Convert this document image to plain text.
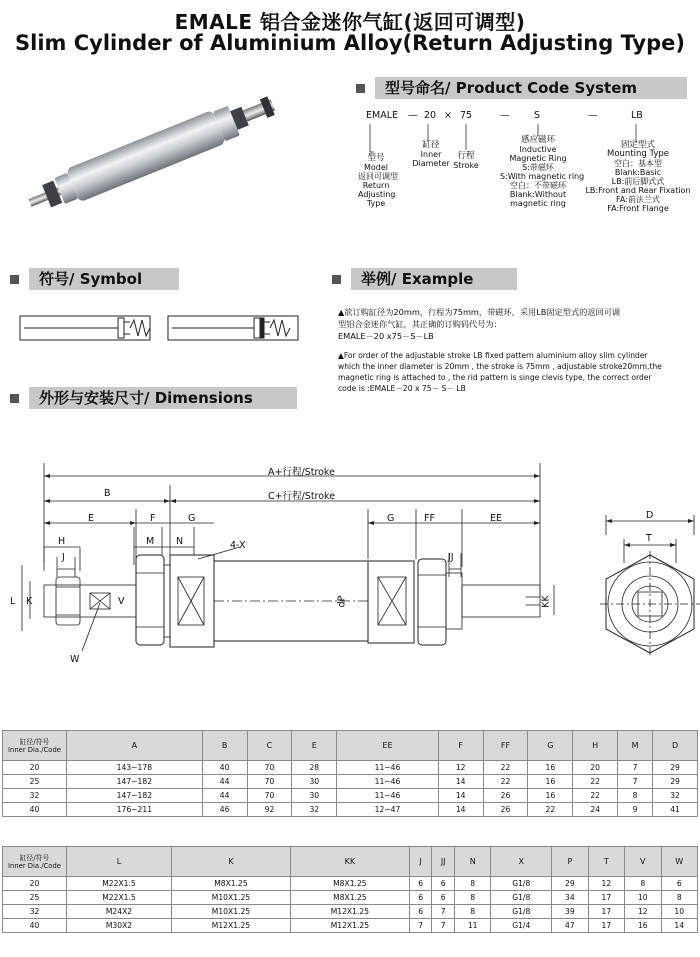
EMALE 铝合金迷你气缸(返回可调型)
Slim Cylinder of Aluminium Alloy(Return Adjusting Type)
型号命名/ Product Code System
EMALE — 20 × 75	—	S	—	LB
型号
Model
返回可调型
Return
Adjusting
Type
缸径
Inner
Diameter
行程
Stroke
感应磁环
Inductive
Magnetic Ring
S:带磁环
S:With magnetic ring
空白：不带磁环
Blank:Without
magnetic ring
固定型式
Mounting Type
空白：基本型
Blank:Basic
LB:前后脚式式
LB:Front and Rear Fixation
FA:前法兰式
FA:Front Flange
符号/ Symbol	举例/ Example
▲欲订购缸径为20mm，行程为75mm，带磁环，采用LB固定型式的返回可调
型铝合金迷你气缸，其正确的订购码代号为：
EMALE－20 x75－S－LB
▲For order of the adjustable stroke LB fixed pattern aluminium alloy slim cylinder
which the inner diameter is 20mm , the stroke is 75mm , adjustable stroke20mm,the
magnetic ring is attached to , the rid pattern is singe clevis type, the correct order
code is :EMALE－20 x 75－ S－ LB
外形与安装尺寸/ Dimensions
A+行程/Stroke
B	C+行程/Stroke
E	F	G	G	FF	EE
H	M N	4-X
J	JJ
L K	V	dP	KK
W
D
T
缸径/符号
Inner Dia./Code	A	B	C	E	EE	F	FF	G	H	M	D
20	143~178	40	70	28	11~46	12	22	16	20	7	29
25	147~182	44	70	30	11~46	14	22	16	22	7	29
32	147~182	44	70	30	11~46	14	26	16	22	8	32
40	176~211	46	92	32	12~47	14	26	22	24	9	41
缸径/符号
Inner Dia./Code	L	K	KK	J	JJ	N	X	P	T	V	W
20	M22X1.5	M8X1.25	M8X1.25	6	6	8	G1/8	29	12	8	6
25	M22X1.5	M10X1.25	M8X1.25	6	6	8	G1/8	34	17	10	8
32	M24X2	M10X1.25	M12X1.25	6	7	8	G1/8	39	17	12	10
40	M30X2	M12X1.25	M12X1.25	7	7	11	G1/4	47	17	16	14
